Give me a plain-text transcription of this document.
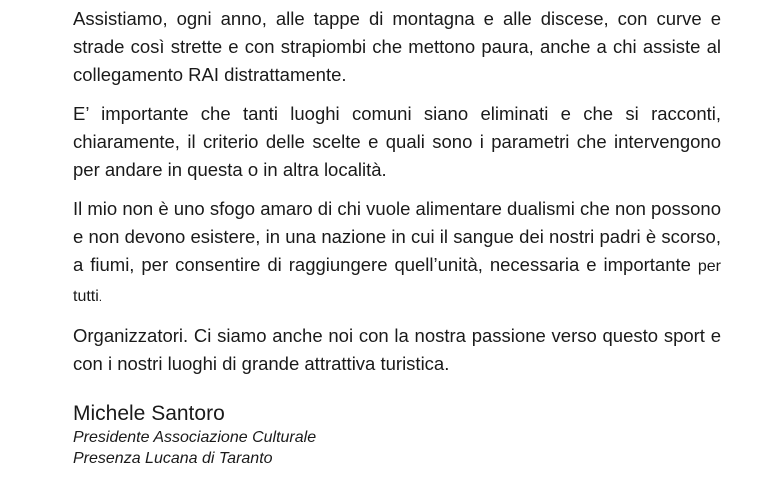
Assistiamo, ogni anno, alle tappe di montagna e alle discese, con curve e strade così strette e con strapiombi che mettono paura, anche a chi assiste al collegamento RAI distrattamente.

E’ importante che tanti luoghi comuni siano eliminati e che si racconti, chiaramente, il criterio delle scelte e quali sono i parametri che intervengono per andare in questa o in altra località.

Il mio non è uno sfogo amaro di chi vuole alimentare dualismi che non possono e non devono esistere, in una nazione in cui il sangue dei nostri padri è scorso, a fiumi, per consentire di raggiungere quell’unità, necessaria e importante per tutti.

Organizzatori. Ci siamo anche noi con la nostra passione verso questo sport e con i nostri luoghi di grande attrattiva turistica.

Michele Santoro

Presidente Associazione Culturale

Presenza Lucana di Taranto
